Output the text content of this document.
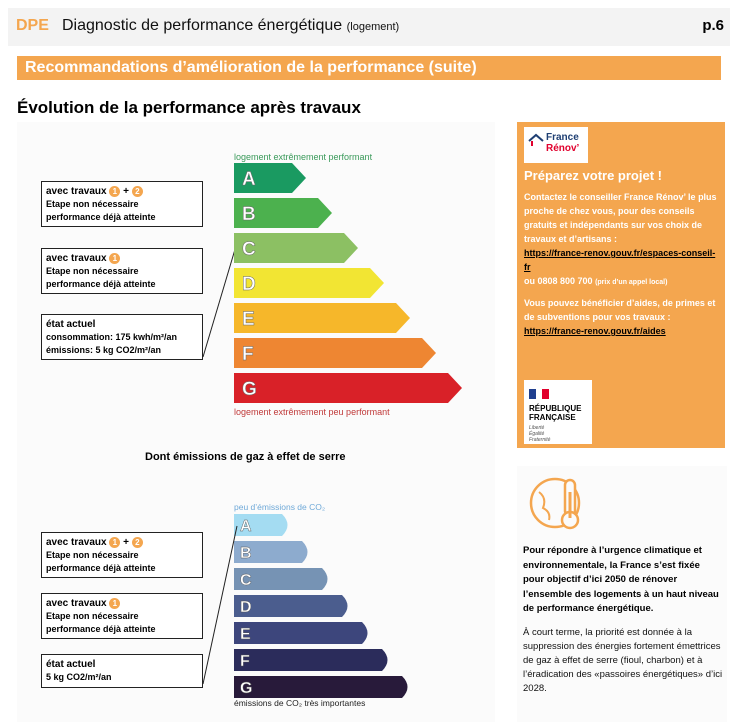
DPE Diagnostic de performance énergétique (logement)	p.6
Recommandations d’amélioration de la performance (suite)
Évolution de la performance après travaux
avec travaux 1 + 2
Etape non nécessaire
performance déjà atteinte
avec travaux 1
Etape non nécessaire
performance déjà atteinte
état actuel
consommation: 175 kwh/m²/an
émissions: 5 kg CO2/m²/an
logement extrêmement performant
A
B
C
D
E
F
G
logement extrêmement peu performant
peu d’émissions de CO₂
A
B
C
D
E
F
G
émissions de CO₂ très importantes
Dont émissions de gaz à effet de serre
avec travaux 1 + 2
Etape non nécessaire
performance déjà atteinte
avec travaux 1
Etape non nécessaire
performance déjà atteinte
état actuel
5 kg CO2/m²/an
France
Rénov’
Préparez votre projet !
Contactez le conseiller France Rénov’ le plus proche de chez vous, pour des conseils gratuits et indépendants sur vos choix de travaux et d’artisans :
https://france-renov.gouv.fr/espaces-conseil-fr
ou 0808 800 700 (prix d’un appel local)
Vous pouvez bénéficier d’aides, de primes et de subventions pour vos travaux :
https://france-renov.gouv.fr/aides
RÉPUBLIQUE
FRANÇAISE
Liberté
Égalité
Fraternité
Pour répondre à l’urgence climatique et environnementale, la France s’est fixée pour objectif d’ici 2050 de rénover l’ensemble des logements à un haut niveau de performance énergétique.
À court terme, la priorité est donnée à la suppression des énergies fortement émettrices de gaz à effet de serre (fioul, charbon) et à l’éradication des «passoires énergétiques» d’ici 2028.
